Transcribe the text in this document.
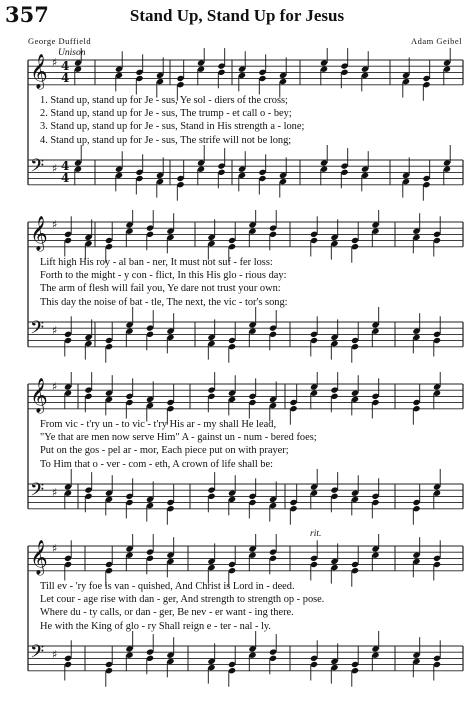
357	Stand Up, Stand Up for Jesus
George Duffield	Adam Geibel
Unison
rit.
𝄞 ♯ 4
4
𝄢 ♯ 4
4
1. Stand up, stand up for Je - sus, Ye sol - diers of the cross;
2. Stand up, stand up for Je - sus, The trump - et call o - bey;
3. Stand up, stand up for Je - sus, Stand in His strength a - lone;
4. Stand up, stand up for Je - sus, The strife will not be long;
𝄞 ♯
𝄢 ♯
Lift high His roy - al ban - ner, It must not suf - fer loss:
Forth to the might - y con - flict, In this His glo - rious day:
The arm of flesh will fail you, Ye dare not trust your own:
This day the noise of bat - tle, The next, the vic - tor's song:
𝄞 ♯
𝄢 ♯
From vic - t'ry un - to vic - t'ry His ar - my shall He lead,
"Ye that are men now serve Him" A - gainst un - num - bered foes;
Put on the gos - pel ar - mor, Each piece put on with prayer;
To Him that o - ver - com - eth, A crown of life shall be:
𝄞 ♯
𝄢 ♯
Till ev - 'ry foe is van - quished, And Christ is Lord in - deed.
Let cour - age rise with dan - ger, And strength to strength op - pose.
Where du - ty calls, or dan - ger, Be nev - er want - ing there.
He with the King of glo - ry Shall reign e - ter - nal - ly.
